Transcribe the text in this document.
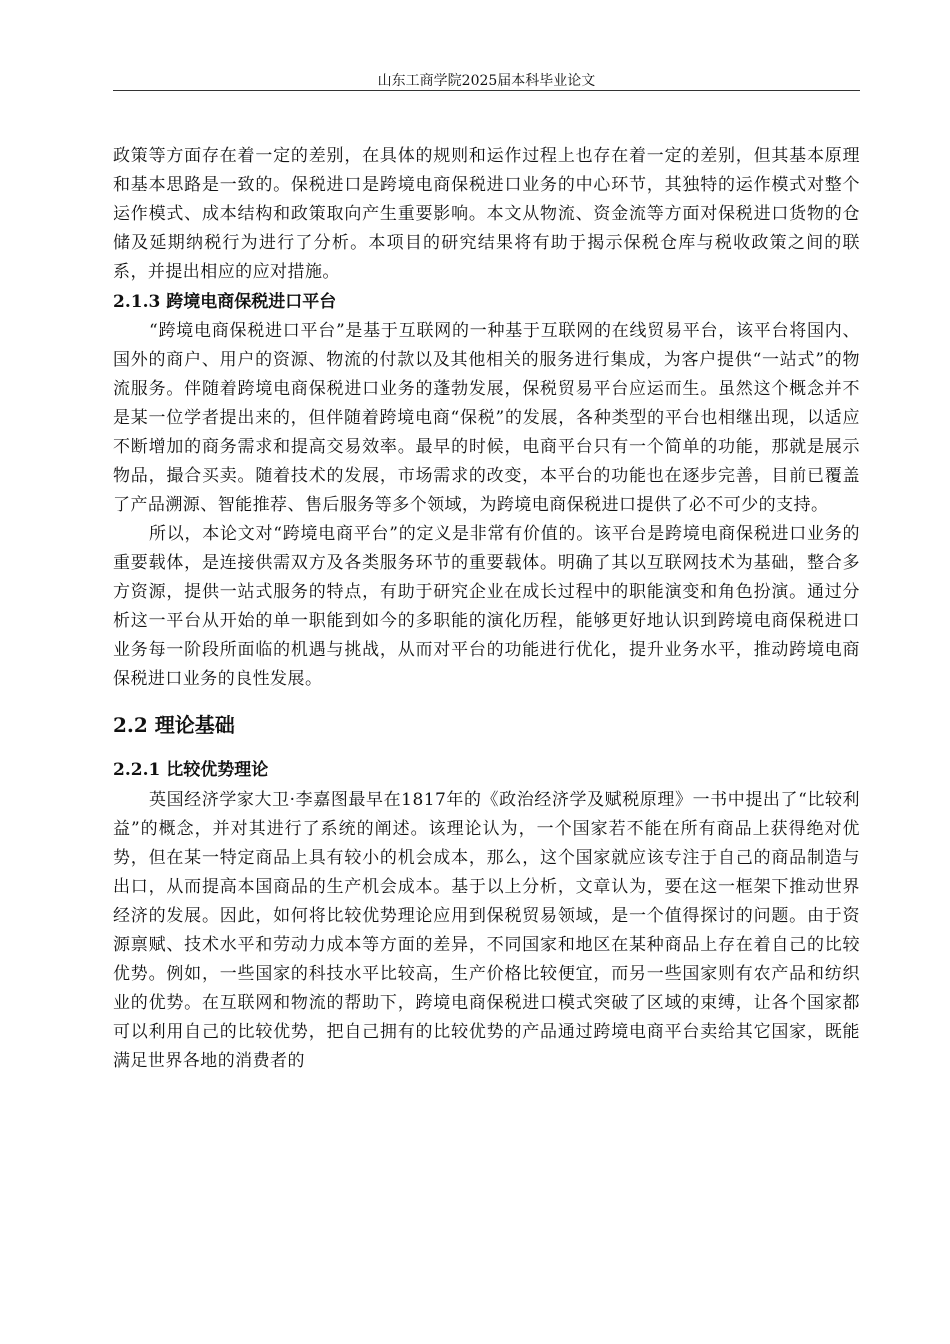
山东工商学院2025届本科毕业论文

政策等方面存在着一定的差别，在具体的规则和运作过程上也存在着一定的差别，但其基本原理和基本思路是一致的。保税进口是跨境电商保税进口业务的中心环节，其独特的运作模式对整个运作模式、成本结构和政策取向产生重要影响。本文从物流、资金流等方面对保税进口货物的仓储及延期纳税行为进行了分析。本项目的研究结果将有助于揭示保税仓库与税收政策之间的联系，并提出相应的应对措施。

2.1.3 跨境电商保税进口平台

“跨境电商保税进口平台”是基于互联网的一种基于互联网的在线贸易平台，该平台将国内、国外的商户、用户的资源、物流的付款以及其他相关的服务进行集成，为客户提供“一站式”的物流服务。伴随着跨境电商保税进口业务的蓬勃发展，保税贸易平台应运而生。虽然这个概念并不是某一位学者提出来的，但伴随着跨境电商“保税”的发展，各种类型的平台也相继出现，以适应不断增加的商务需求和提高交易效率。最早的时候，电商平台只有一个简单的功能，那就是展示物品，撮合买卖。随着技术的发展，市场需求的改变，本平台的功能也在逐步完善，目前已覆盖了产品溯源、智能推荐、售后服务等多个领域，为跨境电商保税进口提供了必不可少的支持。

所以，本论文对“跨境电商平台”的定义是非常有价值的。该平台是跨境电商保税进口业务的重要载体，是连接供需双方及各类服务环节的重要载体。明确了其以互联网技术为基础，整合多方资源，提供一站式服务的特点，有助于研究企业在成长过程中的职能演变和角色扮演。通过分析这一平台从开始的单一职能到如今的多职能的演化历程，能够更好地认识到跨境电商保税进口业务每一阶段所面临的机遇与挑战，从而对平台的功能进行优化，提升业务水平，推动跨境电商保税进口业务的良性发展。

2.2 理论基础
2.2.1 比较优势理论

英国经济学家大卫·李嘉图最早在1817年的《政治经济学及赋税原理》一书中提出了“比较利益”的概念，并对其进行了系统的阐述。该理论认为，一个国家若不能在所有商品上获得绝对优势，但在某一特定商品上具有较小的机会成本，那么，这个国家就应该专注于自己的商品制造与出口，从而提高本国商品的生产机会成本。基于以上分析，文章认为，要在这一框架下推动世界经济的发展。因此，如何将比较优势理论应用到保税贸易领域，是一个值得探讨的问题。由于资源禀赋、技术水平和劳动力成本等方面的差异，不同国家和地区在某种商品上存在着自己的比较优势。例如，一些国家的科技水平比较高，生产价格比较便宜，而另一些国家则有农产品和纺织业的优势。在互联网和物流的帮助下，跨境电商保税进口模式突破了区域的束缚，让各个国家都可以利用自己的比较优势，把自己拥有的比较优势的产品通过跨境电商平台卖给其它国家，既能满足世界各地的消费者的
